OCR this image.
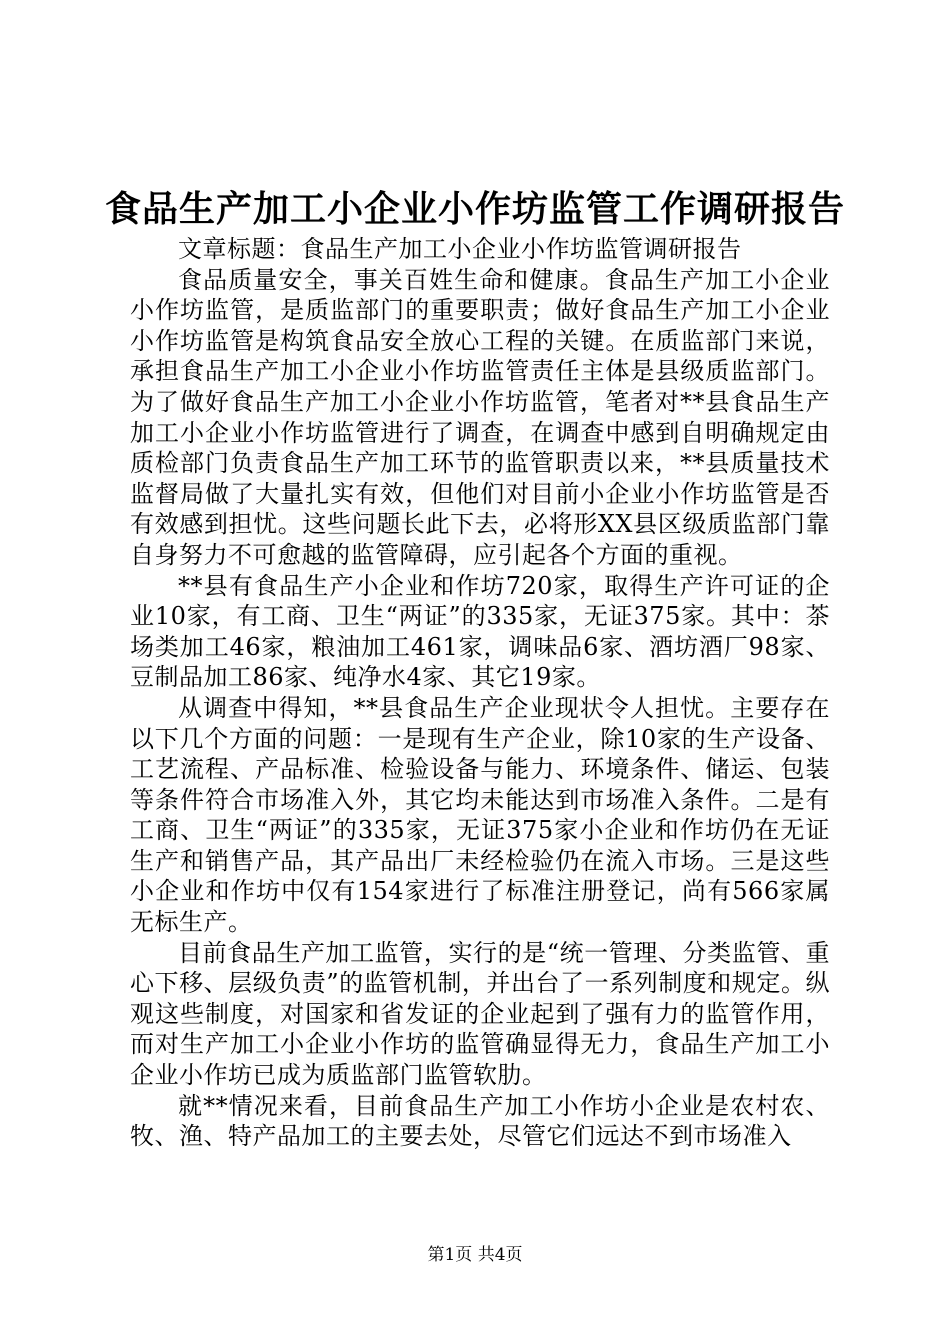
食品生产加工小企业小作坊监管工作调研报告

文章标题：食品生产加工小企业小作坊监管调研报告

食品质量安全，事关百姓生命和健康。食品生产加工小企业小作坊监管，是质监部门的重要职责；做好食品生产加工小企业小作坊监管是构筑食品安全放心工程的关键。在质监部门来说，承担食品生产加工小企业小作坊监管责任主体是县级质监部门。为了做好食品生产加工小企业小作坊监管，笔者对**县食品生产加工小企业小作坊监管进行了调查，在调查中感到自明确规定由质检部门负责食品生产加工环节的监管职责以来，**县质量技术监督局做了大量扎实有效，但他们对目前小企业小作坊监管是否有效感到担忧。这些问题长此下去，必将形XX县区级质监部门靠自身努力不可愈越的监管障碍，应引起各个方面的重视。

**县有食品生产小企业和作坊720家，取得生产许可证的企业10家，有工商、卫生“两证”的335家，无证375家。其中：茶场类加工46家，粮油加工461家，调味品6家、酒坊酒厂98家、豆制品加工86家、纯净水4家、其它19家。

从调查中得知，**县食品生产企业现状令人担忧。主要存在以下几个方面的问题：一是现有生产企业，除10家的生产设备、工艺流程、产品标准、检验设备与能力、环境条件、储运、包装等条件符合市场准入外，其它均未能达到市场准入条件。二是有工商、卫生“两证”的335家，无证375家小企业和作坊仍在无证生产和销售产品，其产品出厂未经检验仍在流入市场。三是这些小企业和作坊中仅有154家进行了标准注册登记，尚有566家属无标生产。

目前食品生产加工监管，实行的是“统一管理、分类监管、重心下移、层级负责”的监管机制，并出台了一系列制度和规定。纵观这些制度，对国家和省发证的企业起到了强有力的监管作用，而对生产加工小企业小作坊的监管确显得无力，食品生产加工小企业小作坊已成为质监部门监管软肋。

就**情况来看，目前食品生产加工小作坊小企业是农村农、牧、渔、特产品加工的主要去处，尽管它们远达不到市场准入

第1页 共4页
